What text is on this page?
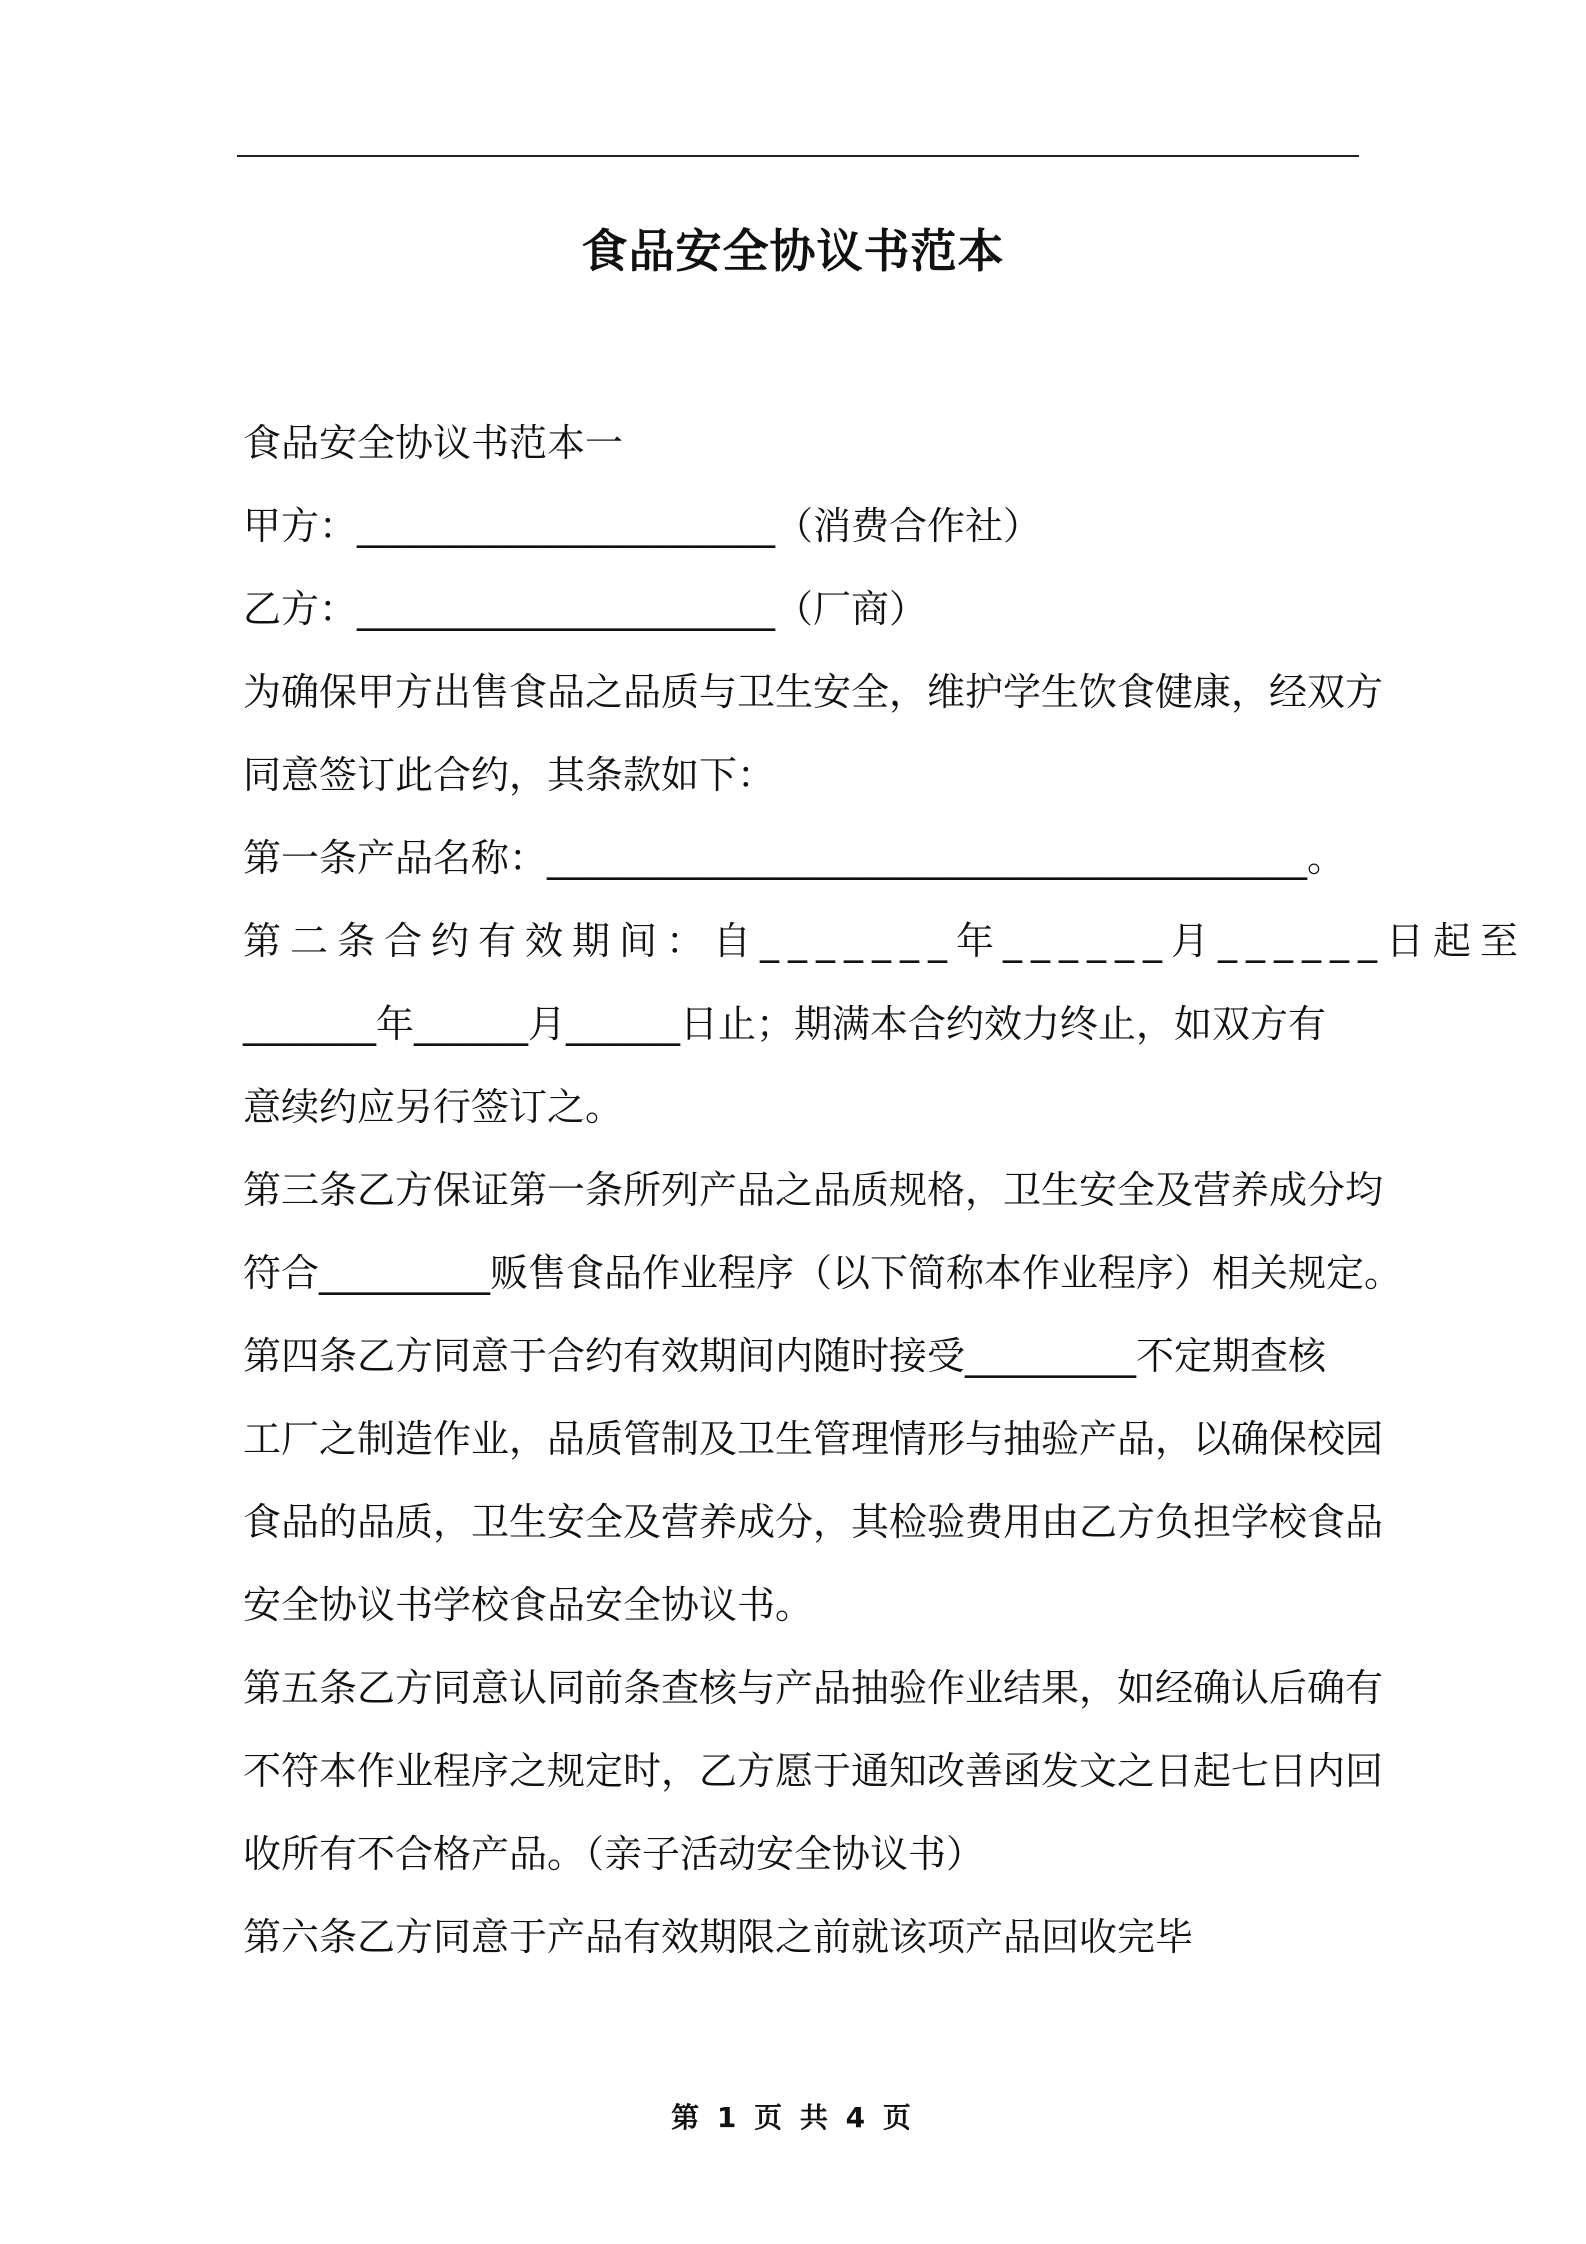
食品安全协议书范本
食品安全协议书范本一
甲方：______________________（消费合作社）
乙方：______________________（厂商）
为确保甲方出售食品之品质与卫生安全，维护学生饮食健康，经双方
同意签订此合约，其条款如下：
第一条产品名称：________________________________________。
第二条合约有效期间：自_______年______月______日起至
_______年______月______日止；期满本合约效力终止，如双方有
意续约应另行签订之。
第三条乙方保证第一条所列产品之品质规格，卫生安全及营养成分均
符合_________贩售食品作业程序（以下简称本作业程序）相关规定。
第四条乙方同意于合约有效期间内随时接受_________不定期查核
工厂之制造作业，品质管制及卫生管理情形与抽验产品，以确保校园
食品的品质，卫生安全及营养成分，其检验费用由乙方负担学校食品
安全协议书学校食品安全协议书。
第五条乙方同意认同前条查核与产品抽验作业结果，如经确认后确有
不符本作业程序之规定时，乙方愿于通知改善函发文之日起七日内回
收所有不合格产品。（亲子活动安全协议书）
第六条乙方同意于产品有效期限之前就该项产品回收完毕
第 1 页 共 4 页
